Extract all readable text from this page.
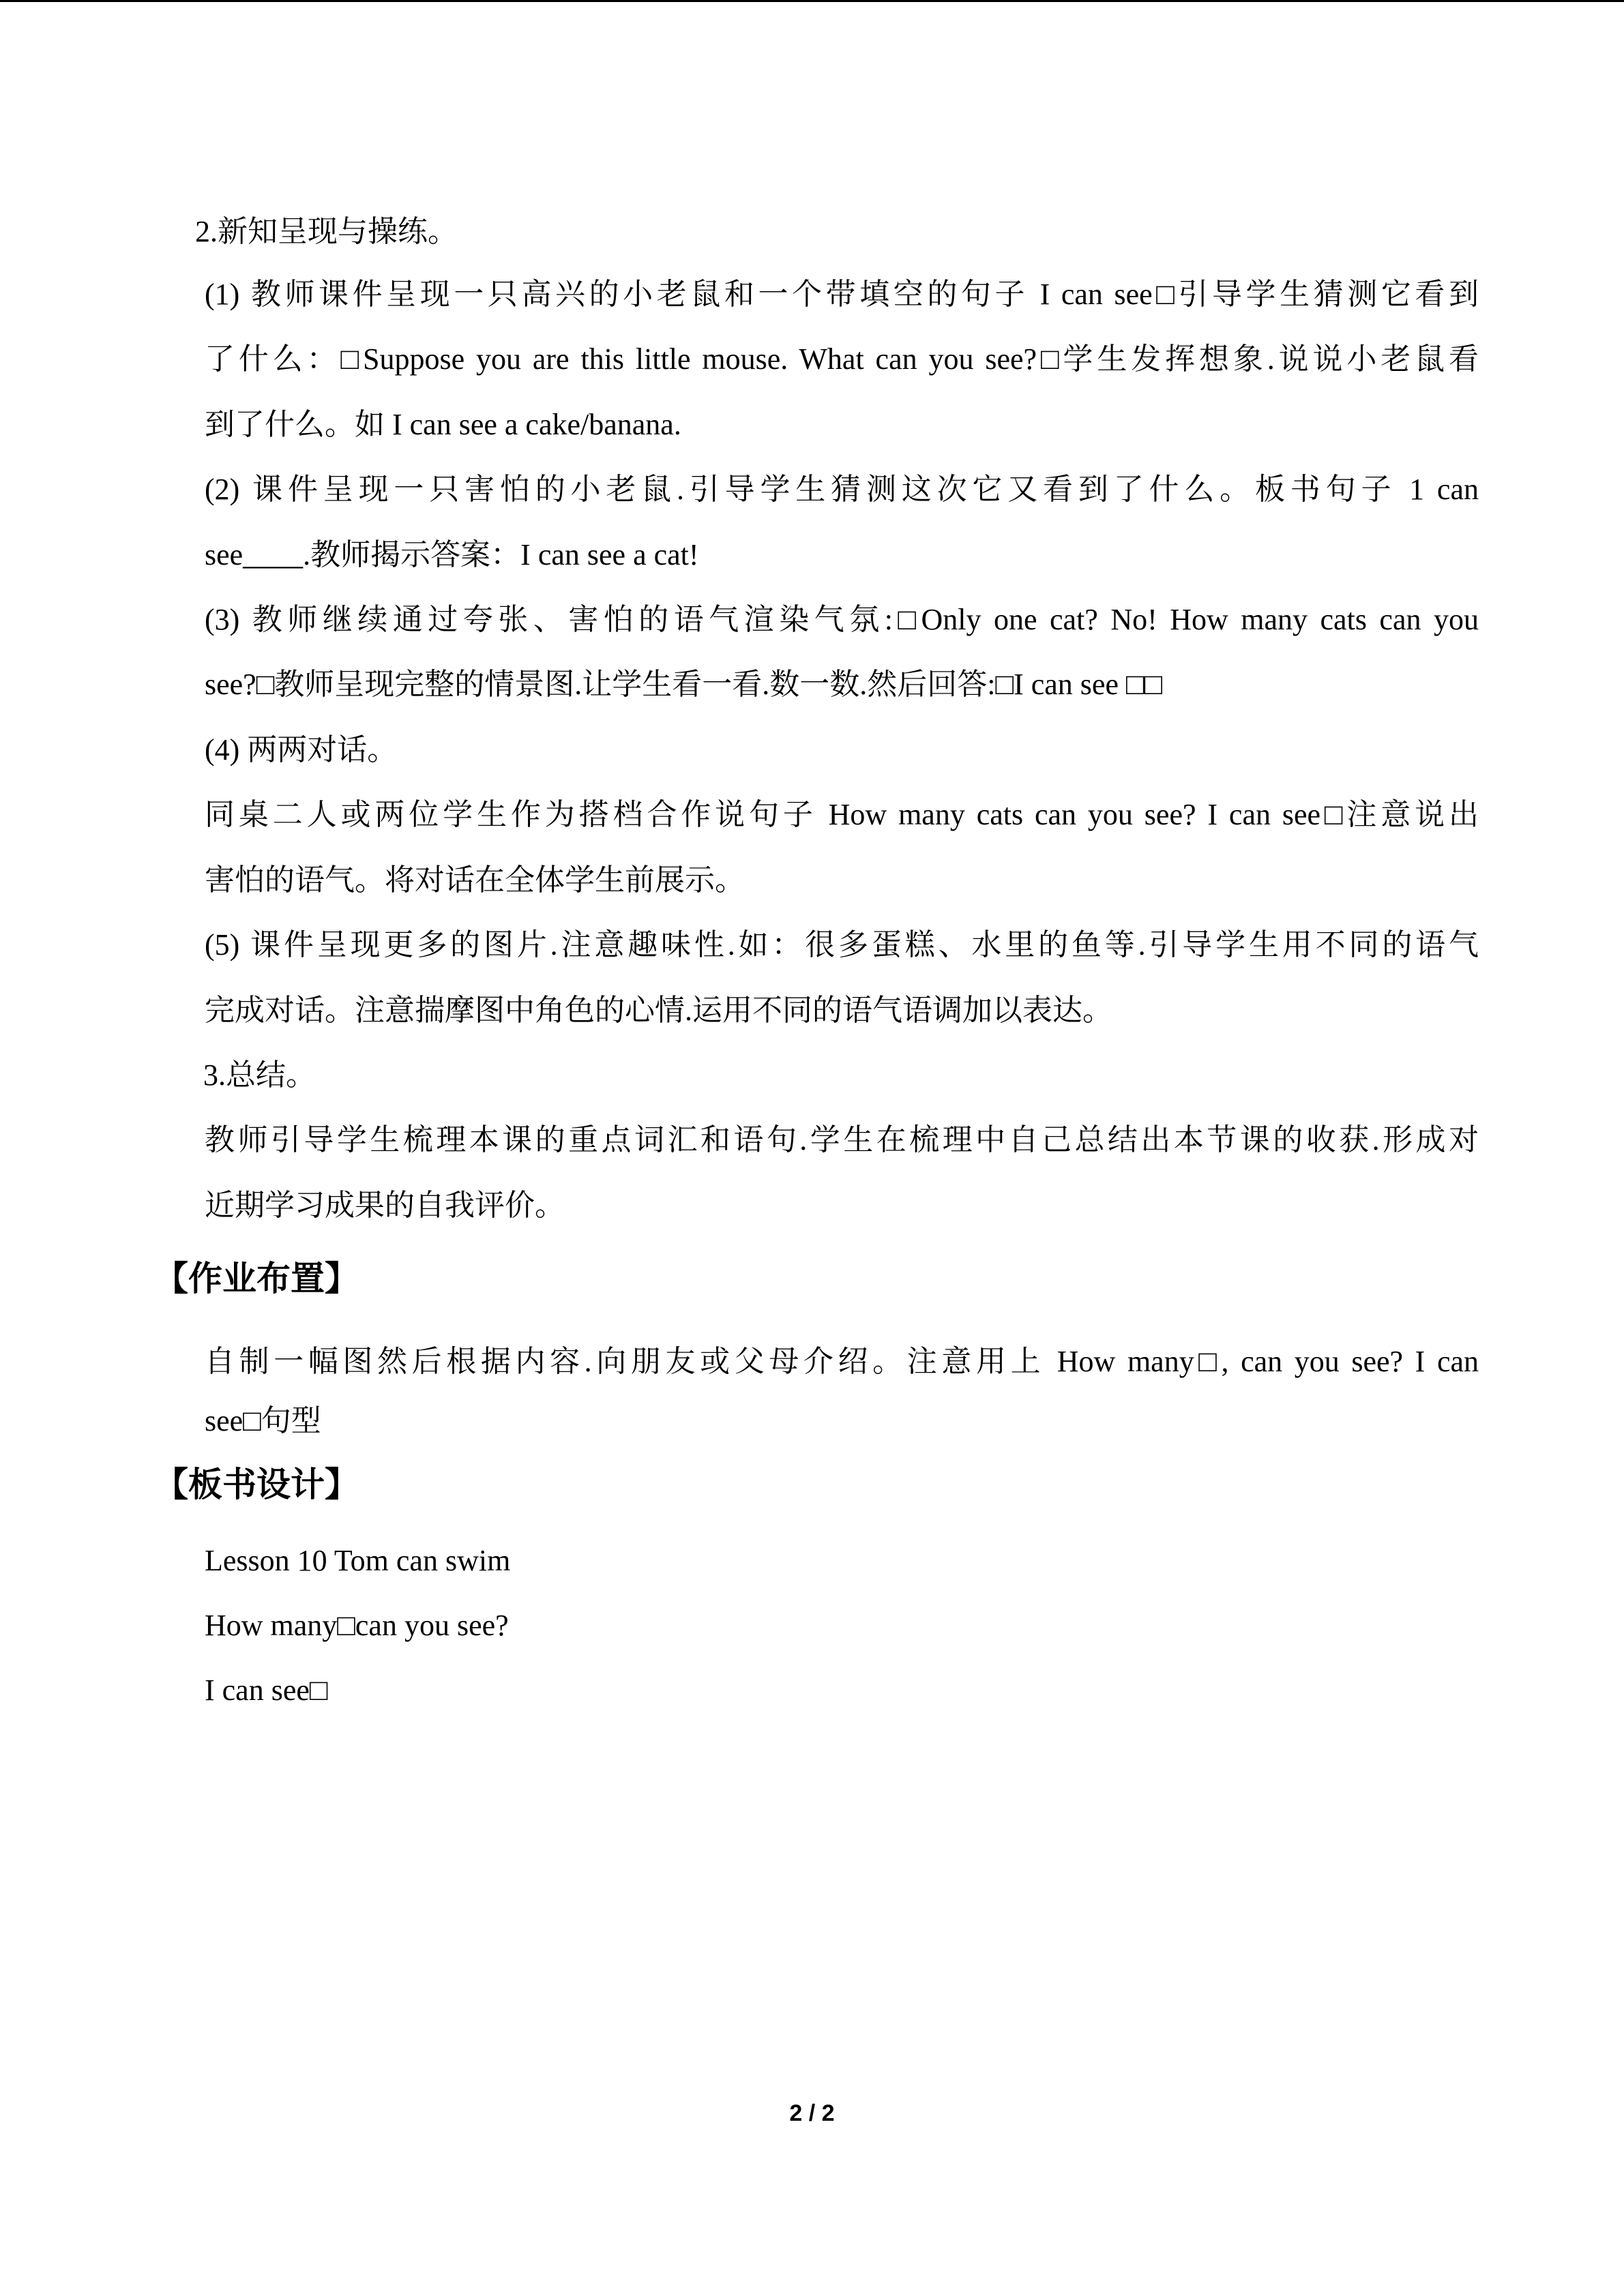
2.新知呈现与操练。
(1) 教师课件呈现一只高兴的小老鼠和一个带填空的句子 I can see□引导学生猜测它看到
了什么：□Suppose you are this little mouse. What can you see?□学生发挥想象.说说小老鼠看
到了什么。如 I can see a cake/banana.
(2) 课件呈现一只害怕的小老鼠.引导学生猜测这次它又看到了什么。板书句子 1 can
see____.教师揭示答案：I can see a cat!
(3) 教师继续通过夸张、害怕的语气渲染气氛:□Only one cat? No! How many cats can you
see?□教师呈现完整的情景图.让学生看一看.数一数.然后回答:□I can see □□
(4) 两两对话。
同桌二人或两位学生作为搭档合作说句子 How many cats can you see? I can see□注意说出
害怕的语气。将对话在全体学生前展示。
(5) 课件呈现更多的图片.注意趣味性.如：很多蛋糕、水里的鱼等.引导学生用不同的语气
完成对话。注意揣摩图中角色的心情.运用不同的语气语调加以表达。
3.总结。
教师引导学生梳理本课的重点词汇和语句.学生在梳理中自己总结出本节课的收获.形成对
近期学习成果的自我评价。
【作业布置】
自制一幅图然后根据内容.向朋友或父母介绍。注意用上 How many□, can you see? I can
see□句型
【板书设计】
Lesson 10 Tom can swim
How many□can you see?
I can see□
2 / 2
